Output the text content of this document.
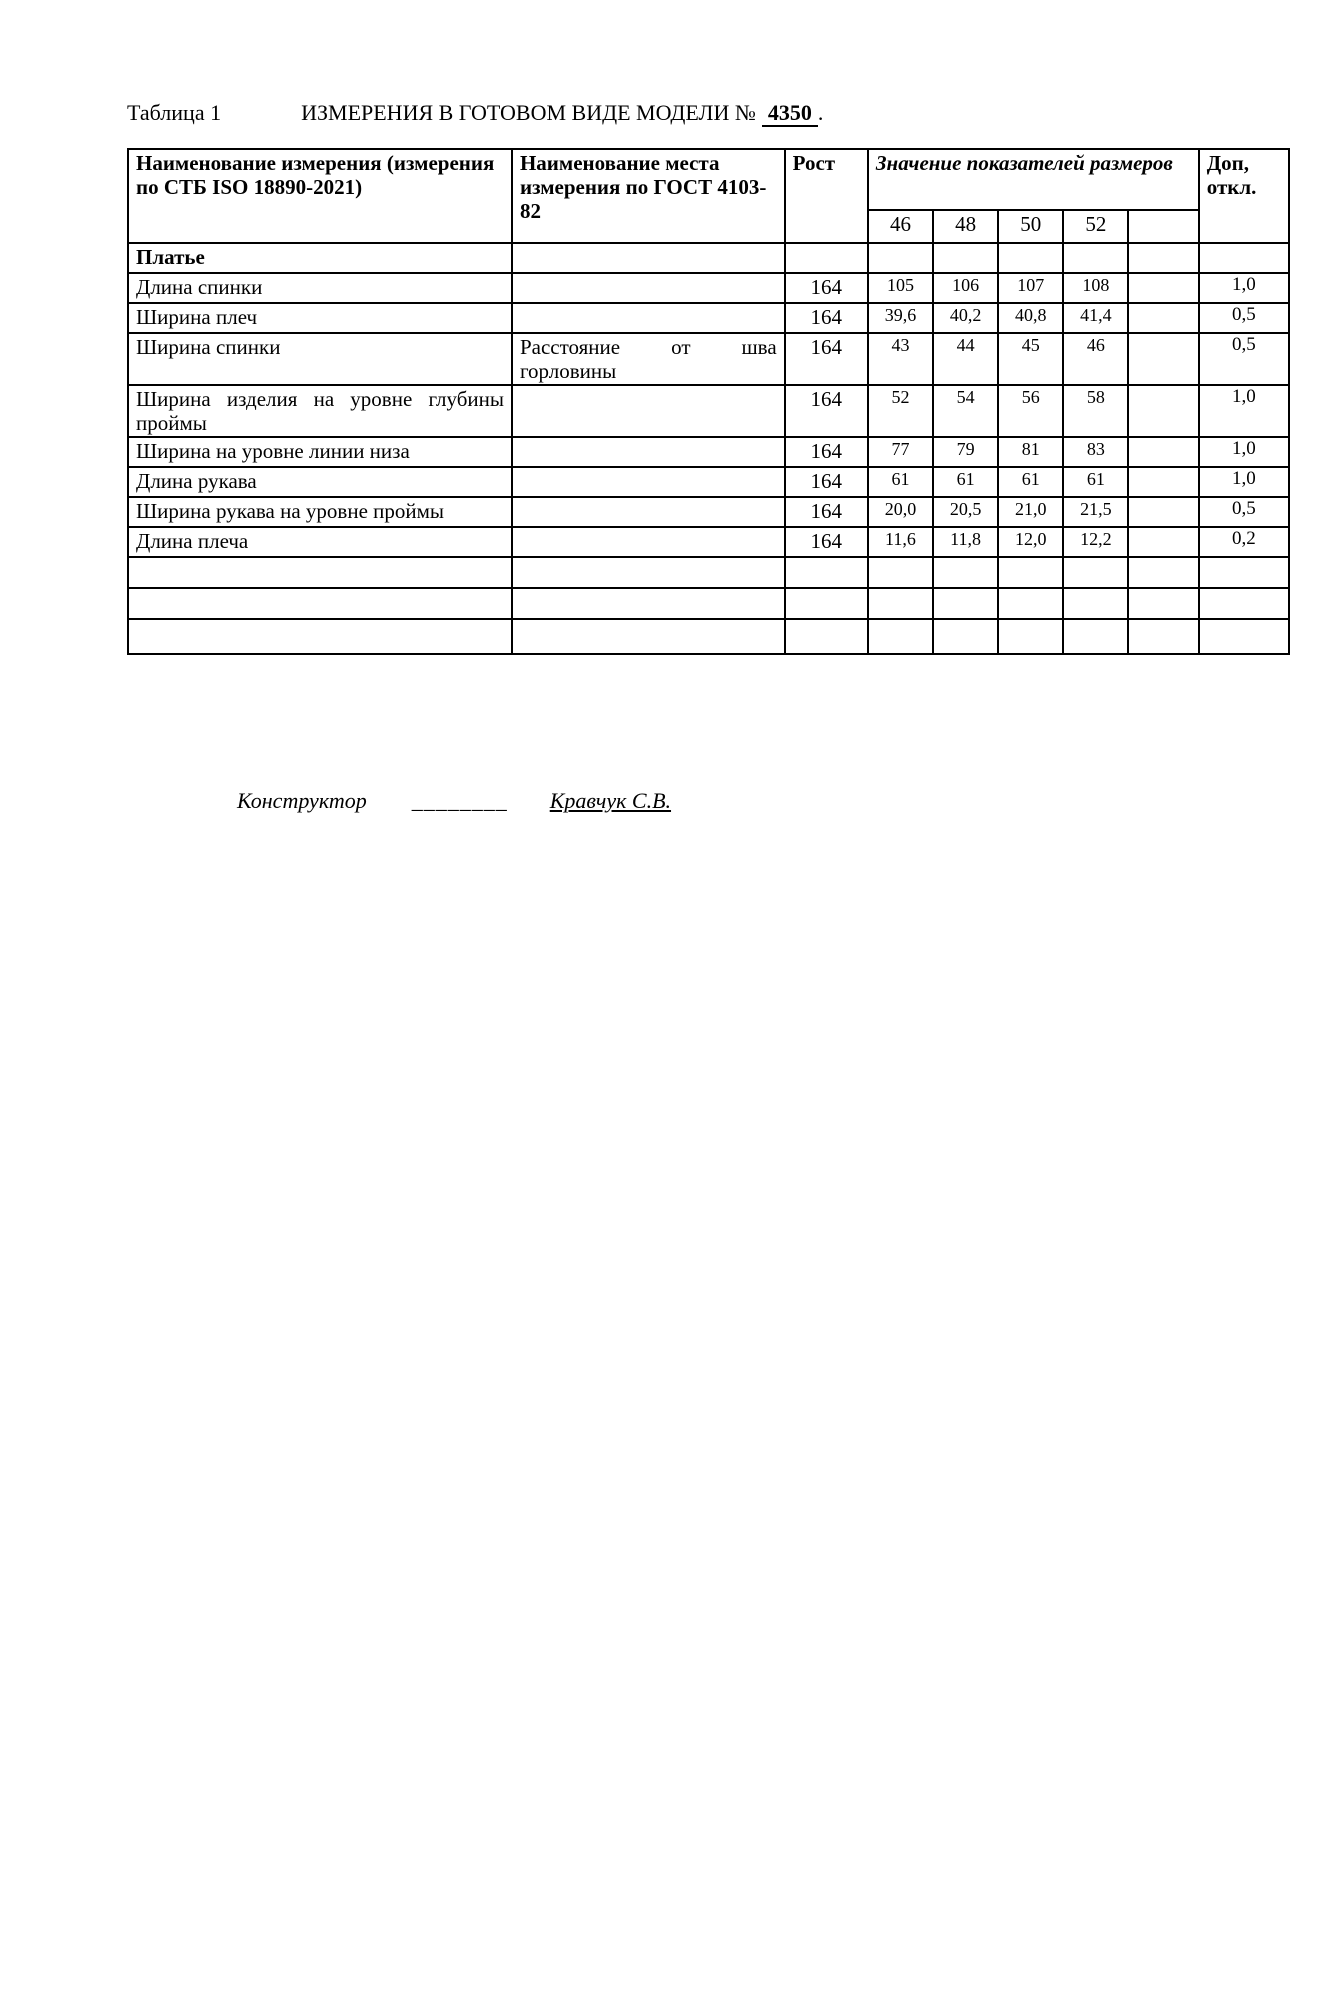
Таблица 1	ИЗМЕРЕНИЯ В ГОТОВОМ ВИДЕ МОДЕЛИ № 4350 .
Наименование измерения (измерения по СТБ ISO 18890-2021)	Наименование места измерения по ГОСТ 4103-82	Рост	Значение показателей размеров					Доп, откл.
			46	48	50	52		
Платье								
Длина спинки		164	105	106	107	108		1,0
Ширина плеч		164	39,6	40,2	40,8	41,4		0,5
Ширина спинки	Расстояние от шва горловины	164	43	44	45	46		0,5
Ширина изделия на уровне глубины проймы		164	52	54	56	58		1,0
Ширина на уровне линии низа		164	77	79	81	83		1,0
Длина рукава		164	61	61	61	61		1,0
Ширина рукава на уровне проймы		164	20,0	20,5	21,0	21,5		0,5
Длина плеча		164	11,6	11,8	12,0	12,2		0,2

Конструктор ________ Кравчук С.В.
